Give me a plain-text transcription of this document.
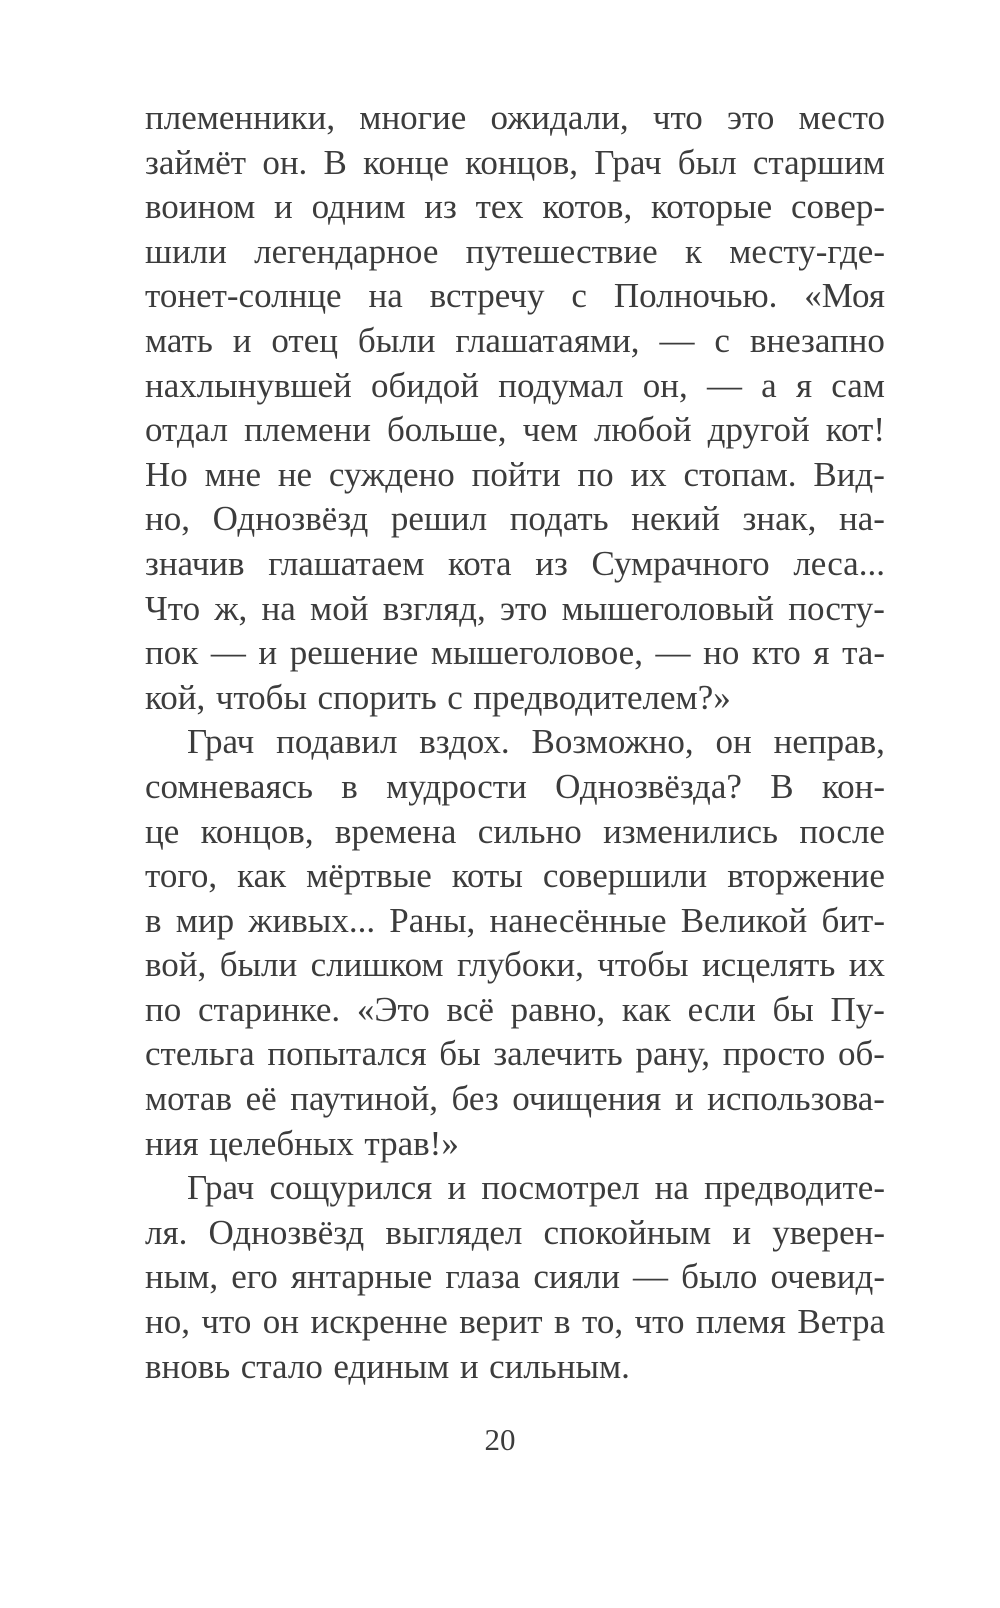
племенники, многие ожидали, что это место
займёт он. В конце концов, Грач был старшим
воином и одним из тех котов, которые совер-
шили легендарное путешествие к месту-где-
тонет-солнце на встречу с Полночью. «Моя
мать и отец были глашатаями, — с внезапно
нахлынувшей обидой подумал он, — а я сам
отдал племени больше, чем любой другой кот!
Но мне не суждено пойти по их стопам. Вид-
но, Однозвёзд решил подать некий знак, на-
значив глашатаем кота из Сумрачного леса...
Что ж, на мой взгляд, это мышеголовый посту-
пок — и решение мышеголовое, — но кто я та-
кой, чтобы спорить с предводителем?»
Грач подавил вздох. Возможно, он неправ,
сомневаясь в мудрости Однозвёзда? В кон-
це концов, времена сильно изменились после
того, как мёртвые коты совершили вторжение
в мир живых... Раны, нанесённые Великой бит-
вой, были слишком глубоки, чтобы исцелять их
по старинке. «Это всё равно, как если бы Пу-
стельга попытался бы залечить рану, просто об-
мотав её паутиной, без очищения и использова-
ния целебных трав!»
Грач сощурился и посмотрел на предводите-
ля. Однозвёзд выглядел спокойным и уверен-
ным, его янтарные глаза сияли — было очевид-
но, что он искренне верит в то, что племя Ветра
вновь стало единым и сильным.
20
